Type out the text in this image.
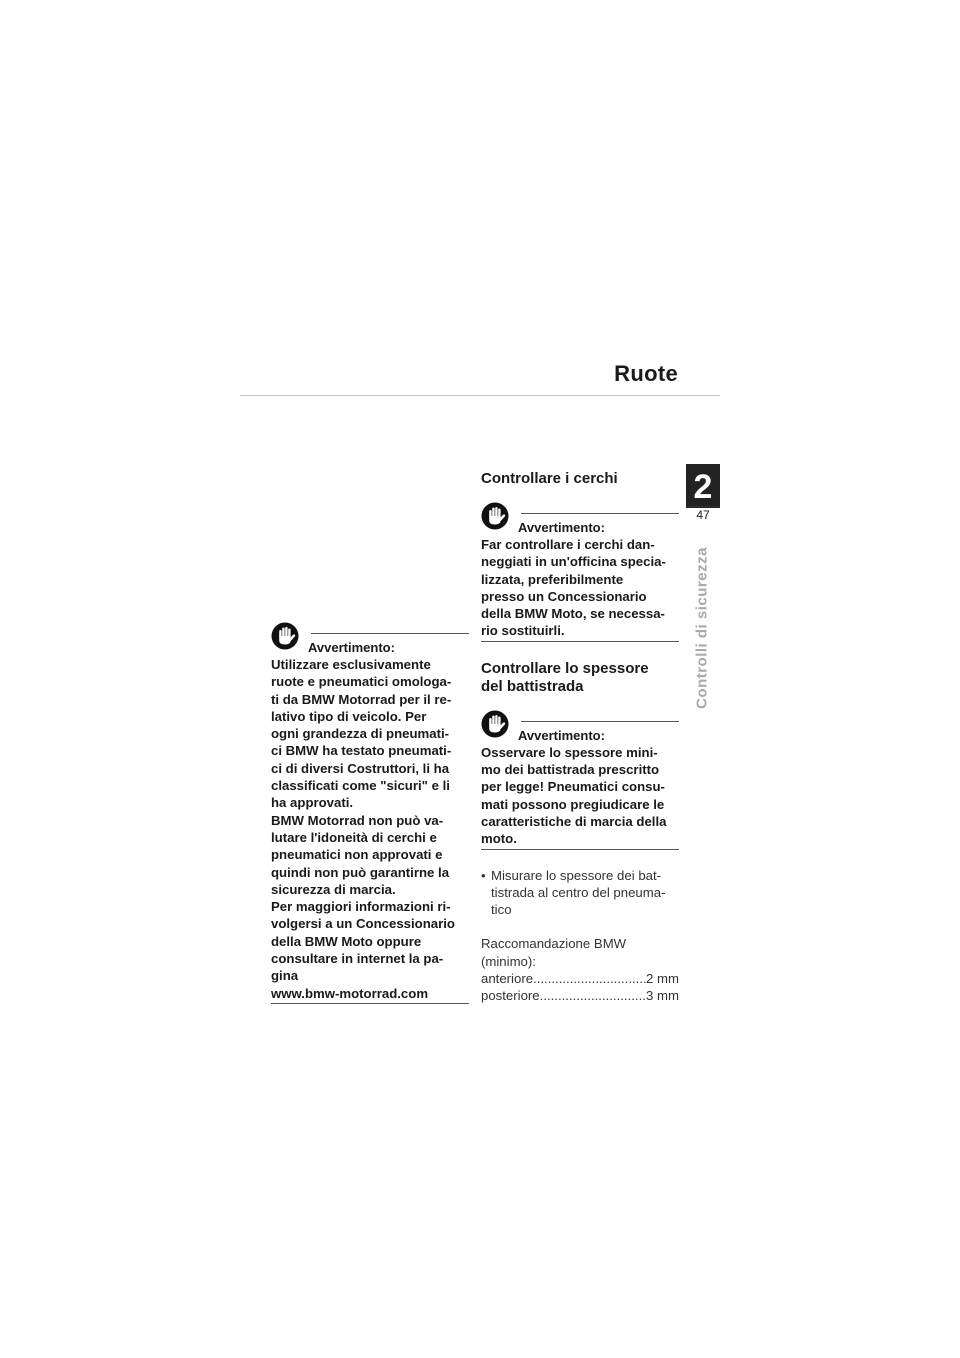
Ruote
2
47
Controlli di sicurezza
Avvertimento:
Utilizzare esclusivamente
ruote e pneumatici omologa-
ti da BMW Motorrad per il re-
lativo tipo di veicolo. Per
ogni grandezza di pneumati-
ci BMW ha testato pneumati-
ci di diversi Costruttori, li ha
classificati come "sicuri" e li
ha approvati.
BMW Motorrad non può va-
lutare l'idoneità di cerchi e
pneumatici non approvati e
quindi non può garantirne la
sicurezza di marcia.
Per maggiori informazioni ri-
volgersi a un Concessionario
della BMW Moto oppure
consultare in internet la pa-
gina
www.bmw-motorrad.com
Controllare i cerchi
Avvertimento:
Far controllare i cerchi dan-
neggiati in un'officina specia-
lizzata, preferibilmente
presso un Concessionario
della BMW Moto, se necessa-
rio sostituirli.
Controllare lo spessore
del battistrada
Avvertimento:
Osservare lo spessore mini-
mo dei battistrada prescritto
per legge! Pneumatici consu-
mati possono pregiudicare le
caratteristiche di marcia della
moto.
• Misurare lo spessore dei bat-
tistrada al centro del pneuma-
tico
Raccomandazione BMW
(minimo):
anteriore .....	2 mm
posteriore .....	3 mm
